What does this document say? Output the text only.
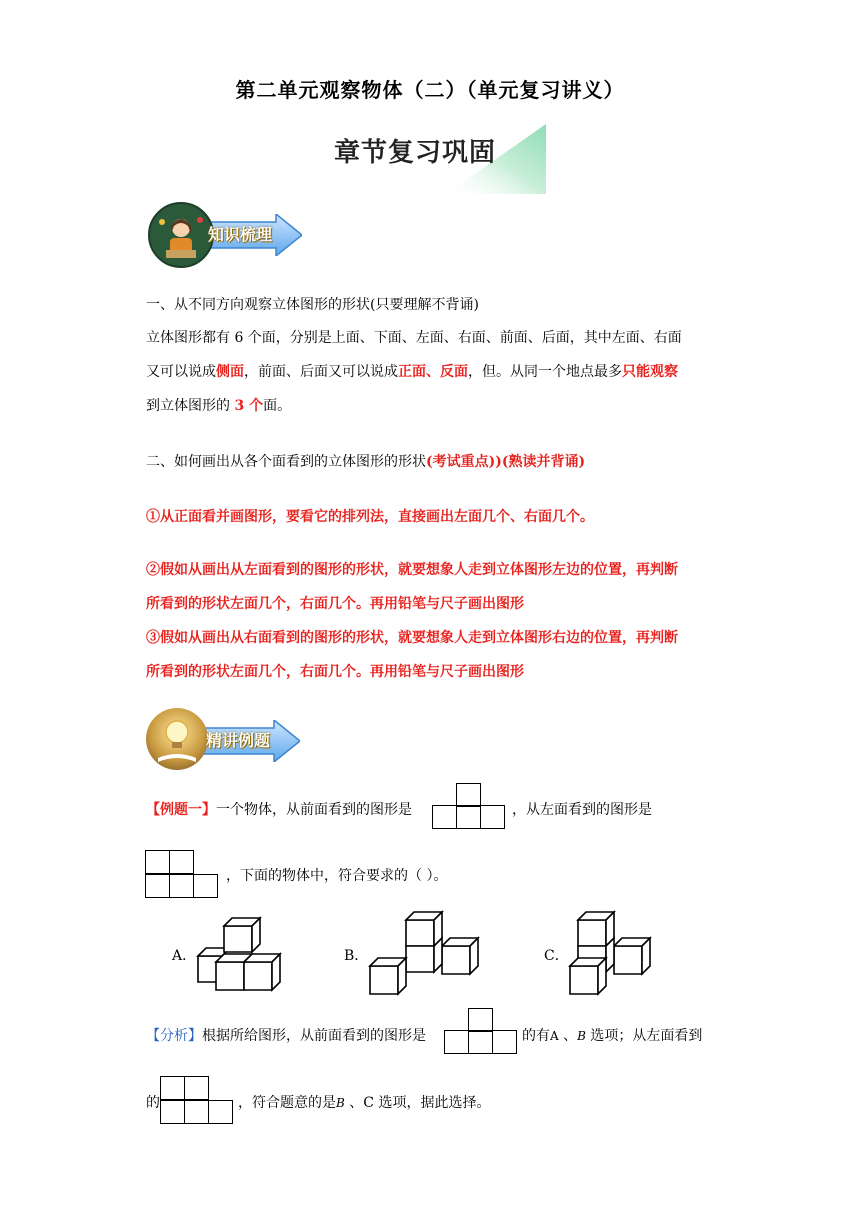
第二单元观察物体（二）（单元复习讲义）
章节复习巩固
知识梳理
一、从不同方向观察立体图形的形状(只要理解不背诵)
立体图形都有 6 个面，分别是上面、下面、左面、右面、前面、后面，其中左面、右面
又可以说成侧面，前面、后面又可以说成正面、反面，但。从同一个地点最多只能观察
到立体图形的 3 个面。
二、如何画出从各个面看到的立体图形的形状(考试重点))(熟读并背诵)
①从正面看并画图形，要看它的排列法，直接画出左面几个、右面几个。
②假如从画出从左面看到的图形的形状，就要想象人走到立体图形左边的位置，再判断
所看到的形状左面几个，右面几个。再用铅笔与尺子画出图形
③假如从画出从右面看到的图形的形状，就要想象人走到立体图形右边的位置，再判断
所看到的形状左面几个，右面几个。再用铅笔与尺子画出图形
精讲例题
【例题一】一个物体，从前面看到的图形是	，从左面看到的图形是
，下面的物体中，符合要求的（ ）。
A．	B．	C．
【分析】根据所给图形，从前面看到的图形是	的有A 、B 选项；从左面看到
的	，符合题意的是B 、C 选项，据此选择。
